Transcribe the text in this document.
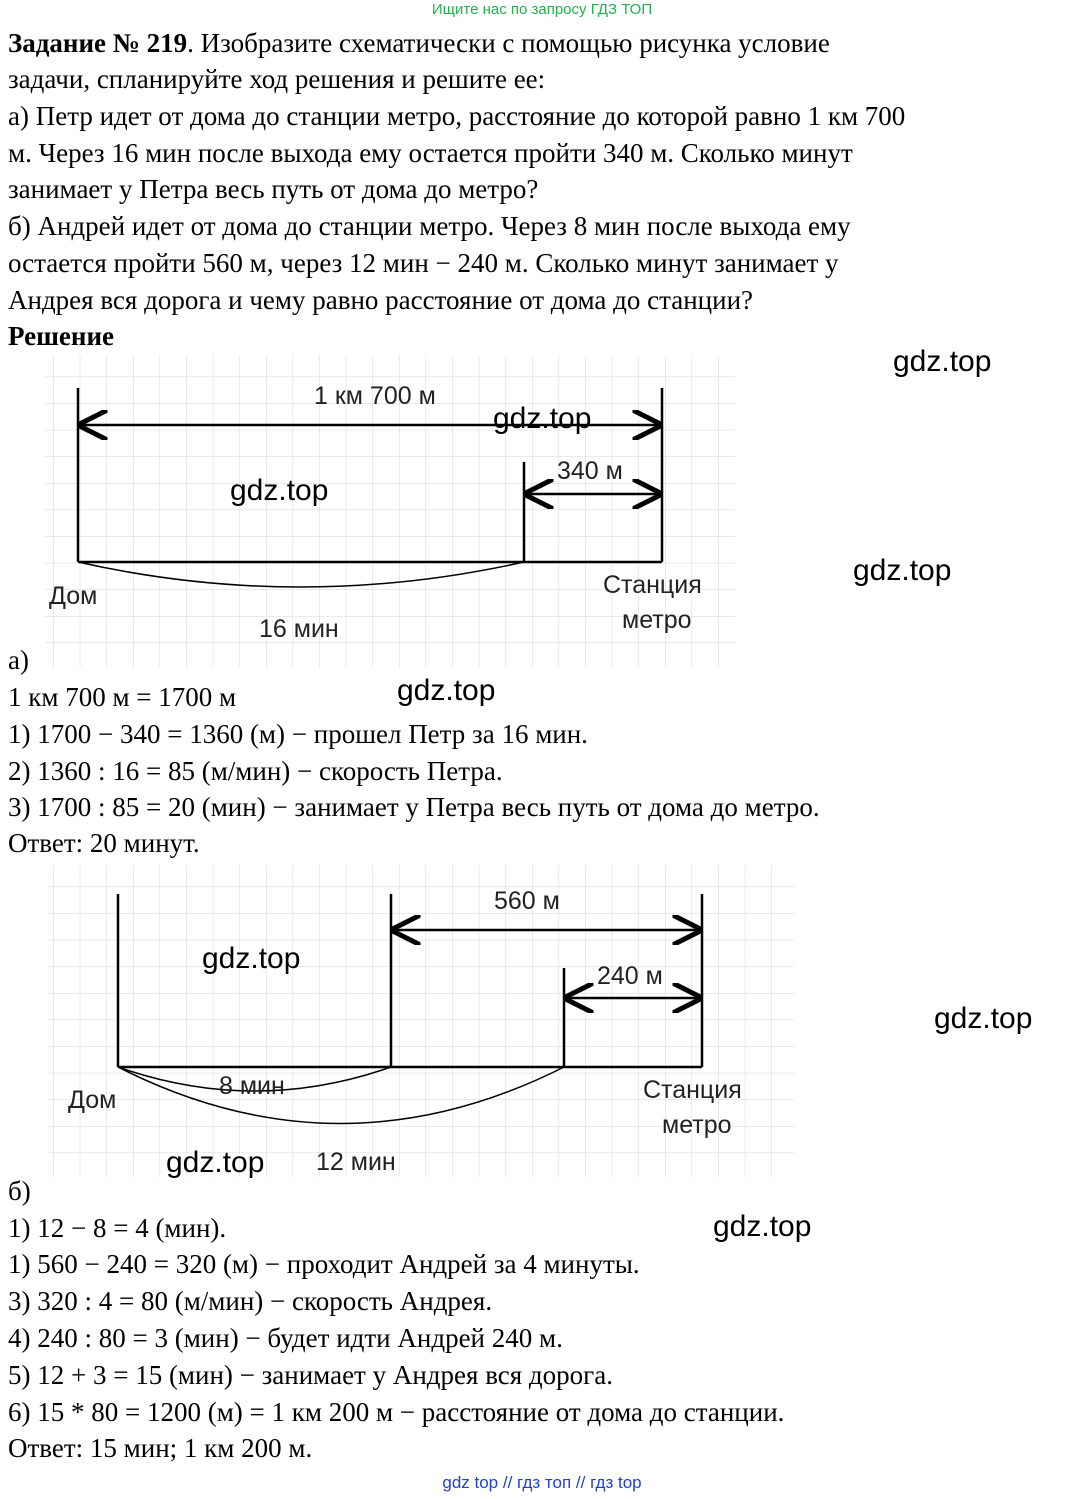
Ищите нас по запросу ГДЗ ТОП
Задание № 219. Изобразите схематически с помощью рисунка условие
задачи, спланируйте ход решения и решите ее:
а) Петр идет от дома до станции метро, расстояние до которой равно 1 км 700
м. Через 16 мин после выхода ему остается пройти 340 м. Сколько минут
занимает у Петра весь путь от дома до метро?
б) Андрей идет от дома до станции метро. Через 8 мин после выхода ему
остается пройти 560 м, через 12 мин − 240 м. Сколько минут занимает у
Андрея вся дорога и чему равно расстояние от дома до станции?
Решение
1 км 700 м
340 м
Дом	Станция
метро
16 мин
а)
1 км 700 м = 1700 м
1) 1700 − 340 = 1360 (м) − прошел Петр за 16 мин.
2) 1360 : 16 = 85 (м/мин) − скорость Петра.
3) 1700 : 85 = 20 (мин) − занимает у Петра весь путь от дома до метро.
Ответ: 20 минут.
560 м
240 м
Дом	Станция
метро
8 мин
12 мин
б)
1) 12 − 8 = 4 (мин).
1) 560 − 240 = 320 (м) − проходит Андрей за 4 минуты.
3) 320 : 4 = 80 (м/мин) − скорость Андрея.
4) 240 : 80 = 3 (мин) − будет идти Андрей 240 м.
5) 12 + 3 = 15 (мин) − занимает у Андрея вся дорога.
6) 15 * 80 = 1200 (м) = 1 км 200 м − расстояние от дома до станции.
Ответ: 15 мин; 1 км 200 м.
gdz.top
gdz.top
gdz.top
gdz.top
gdz.top
gdz.top
gdz.top
gdz.top
gdz.top
gdz top // гдз топ // гдз top
